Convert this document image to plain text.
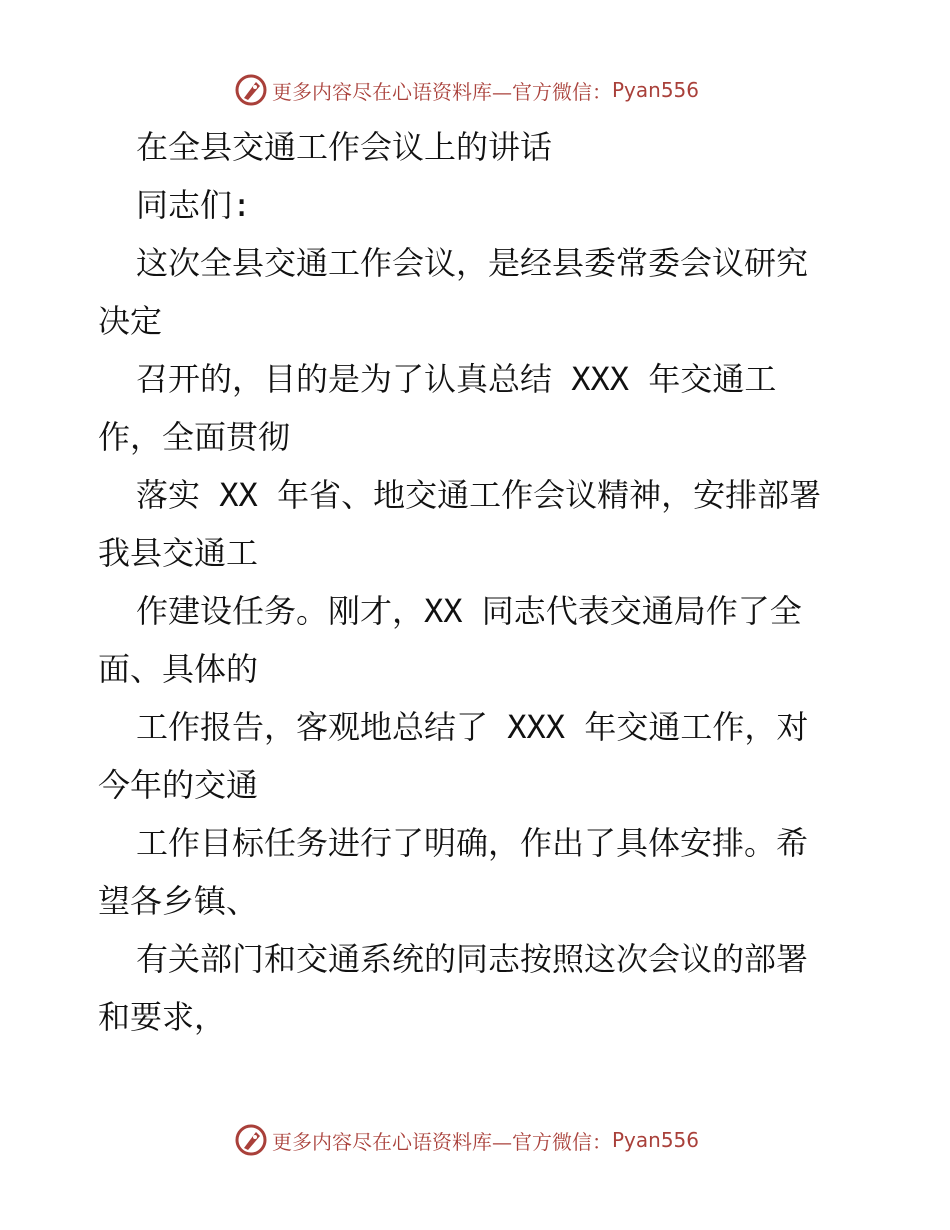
更多内容尽在心语资料库—官方微信： Pyan556
在全县交通工作会议上的讲话
同志们:
这次全县交通工作会议，是经县委常委会议研究
决定
召开的，目的是为了认真总结 XXX 年交通工
作，全面贯彻
落实 XX 年省、地交通工作会议精神，安排部署
我县交通工
作建设任务。刚才，XX 同志代表交通局作了全
面、具体的
工作报告，客观地总结了 XXX 年交通工作，对
今年的交通
工作目标任务进行了明确，作出了具体安排。希
望各乡镇、
有关部门和交通系统的同志按照这次会议的部署
和要求，
更多内容尽在心语资料库—官方微信： Pyan556
